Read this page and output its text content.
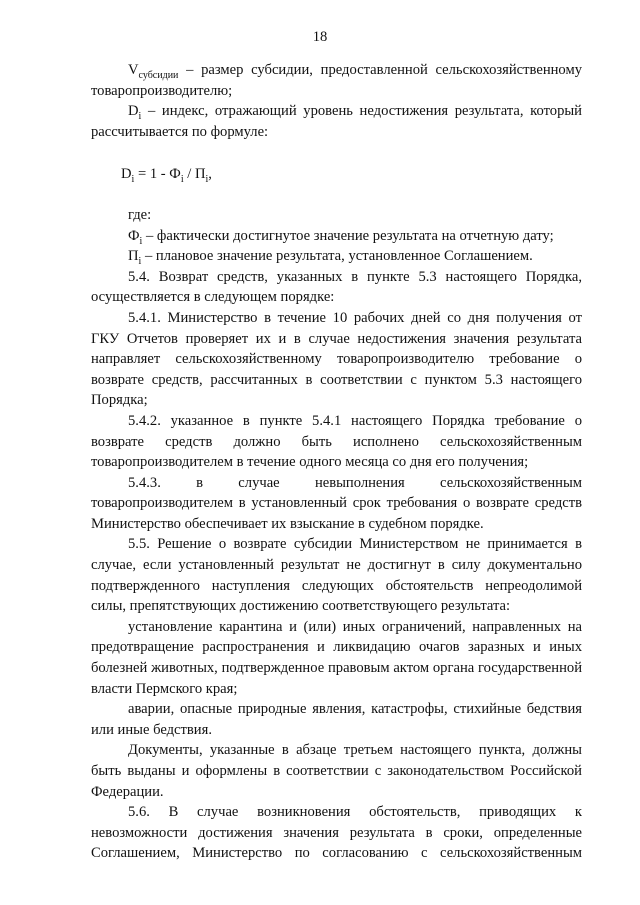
18

$V_{субсидии}$ – размер субсидии, предоставленной сельскохозяйственному товаропроизводителю;

$D_i$ – индекс, отражающий уровень недостижения результата, который рассчитывается по формуле:

$D_i = 1 - Ф_i / П_i$,

где:

$Ф_i$ – фактически достигнутое значение результата на отчетную дату;

$П_i$ – плановое значение результата, установленное Соглашением.

5.4. Возврат средств, указанных в пункте 5.3 настоящего Порядка, осуществляется в следующем порядке:

5.4.1. Министерство в течение 10 рабочих дней со дня получения от ГКУ Отчетов проверяет их и в случае недостижения значения результата направляет сельскохозяйственному товаропроизводителю требование о возврате средств, рассчитанных в соответствии с пунктом 5.3 настоящего Порядка;

5.4.2. указанное в пункте 5.4.1 настоящего Порядка требование о возврате средств должно быть исполнено сельскохозяйственным товаропроизводителем в течение одного месяца со дня его получения;

5.4.3. в случае невыполнения сельскохозяйственным товаропроизводителем в установленный срок требования о возврате средств Министерство обеспечивает их взыскание в судебном порядке.

5.5. Решение о возврате субсидии Министерством не принимается в случае, если установленный результат не достигнут в силу документально подтвержденного наступления следующих обстоятельств непреодолимой силы, препятствующих достижению соответствующего результата:

установление карантина и (или) иных ограничений, направленных на предотвращение распространения и ликвидацию очагов заразных и иных болезней животных, подтвержденное правовым актом органа государственной власти Пермского края;

аварии, опасные природные явления, катастрофы, стихийные бедствия или иные бедствия.

Документы, указанные в абзаце третьем настоящего пункта, должны быть выданы и оформлены в соответствии с законодательством Российской Федерации.

5.6. В случае возникновения обстоятельств, приводящих к невозможности достижения значения результата в сроки, определенные Соглашением, Министерство по согласованию с сельскохозяйственным
